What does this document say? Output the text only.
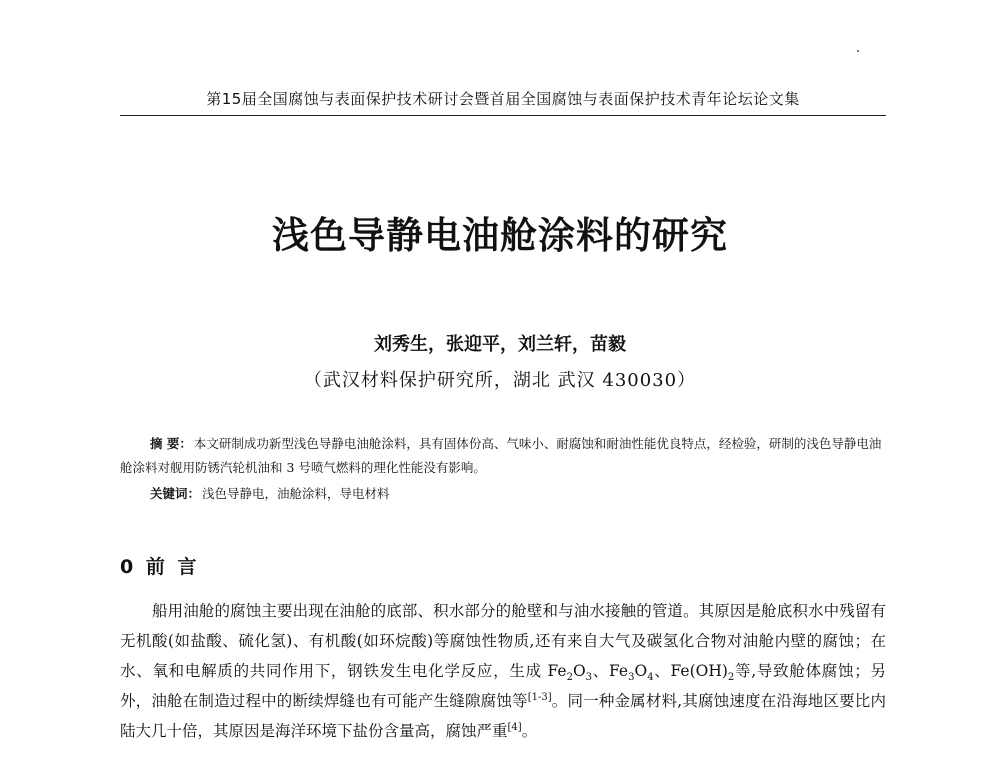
第15届全国腐蚀与表面保护技术研讨会暨首届全国腐蚀与表面保护技术青年论坛论文集
浅色导静电油舱涂料的研究
刘秀生，张迎平，刘兰轩，苗毅
（武汉材料保护研究所，湖北 武汉 430030）

摘 要： 本文研制成功新型浅色导静电油舱涂料，具有固体份高、气味小、耐腐蚀和耐油性能优良特点，经检验，研制的浅色导静电油舱涂料对舰用防锈汽轮机油和 3 号喷气燃料的理化性能没有影响。

关键词： 浅色导静电，油舱涂料，导电材料

0 前 言

船用油舱的腐蚀主要出现在油舱的底部、积水部分的舱壁和与油水接触的管道。其原因是舱底积水中残留有无机酸(如盐酸、硫化氢)、有机酸(如环烷酸)等腐蚀性物质,还有来自大气及碳氢化合物对油舱内壁的腐蚀；在水、氧和电解质的共同作用下，钢铁发生电化学反应，生成 $Fe_2O_3$、$Fe_3O_4$、$Fe(OH)_2$等,导致舱体腐蚀；另外，油舱在制造过程中的断续焊缝也有可能产生缝隙腐蚀等[1-3]。同一种金属材料,其腐蚀速度在沿海地区要比内陆大几十倍，其原因是海洋环境下盐份含量高，腐蚀严重[4]。
